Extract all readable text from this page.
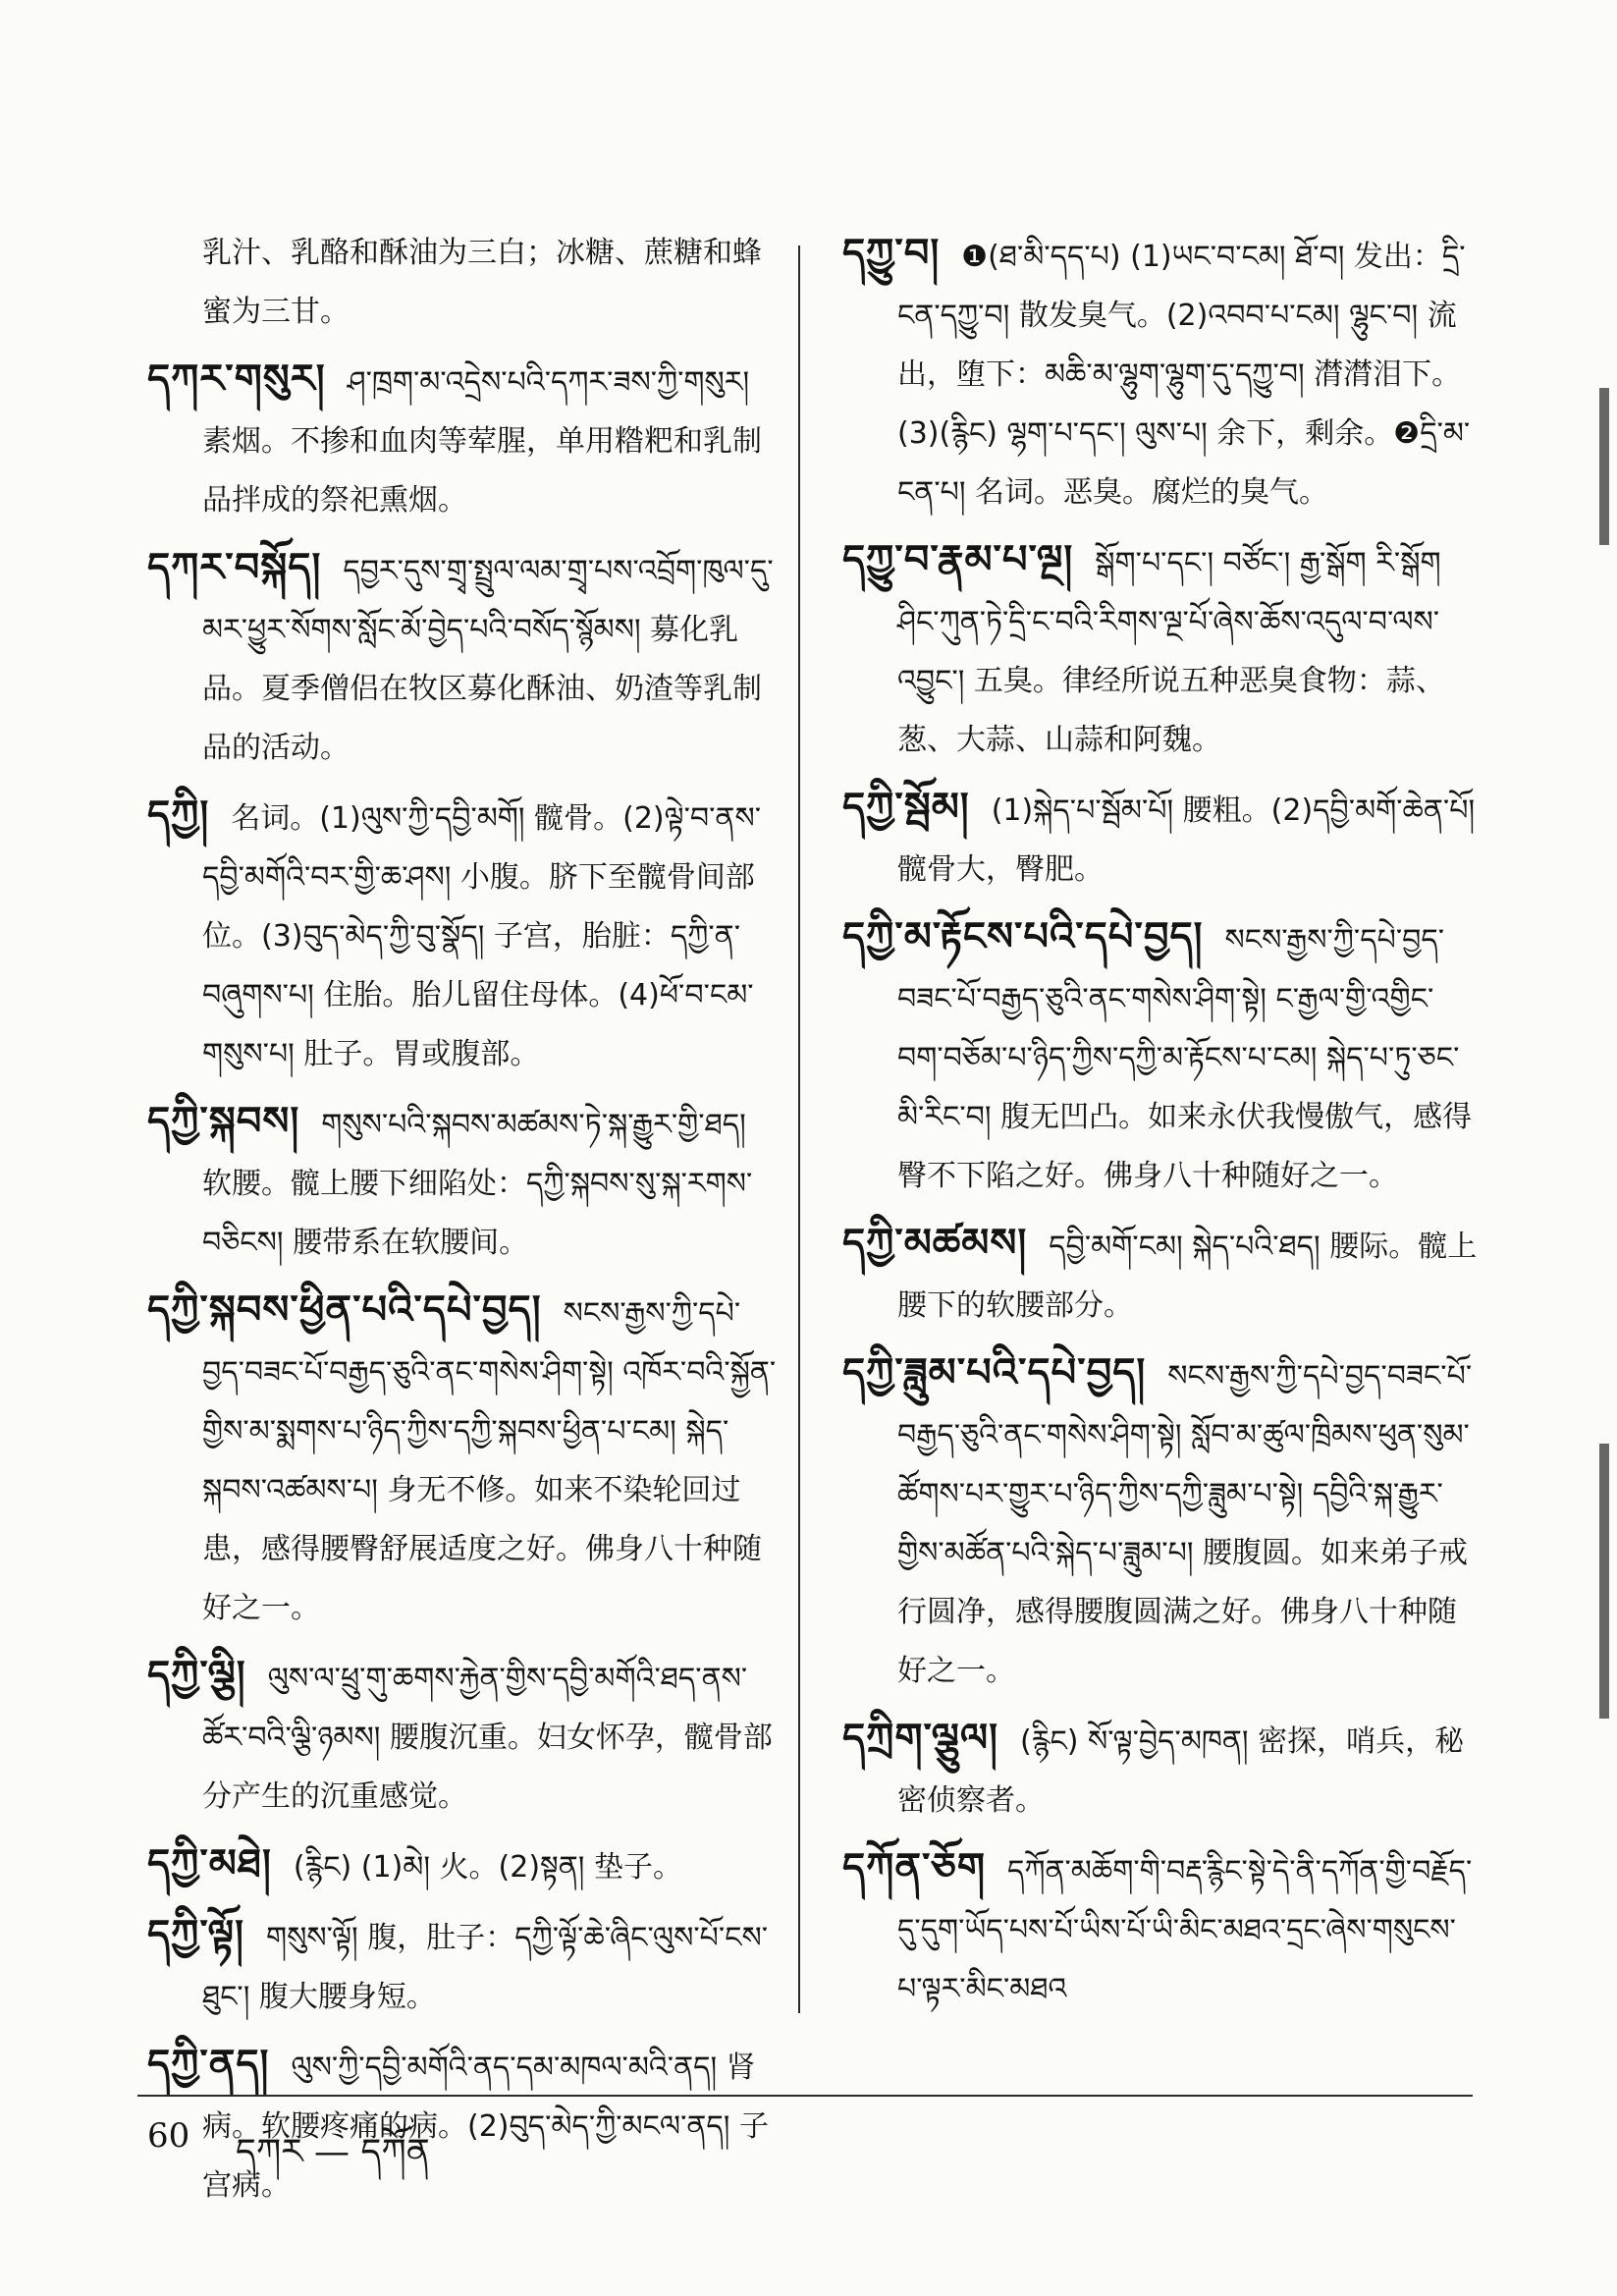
乳汁、乳酪和酥油为三白；冰糖、蔗糖和蜂蜜为三甘。
དཀར་གསུར། ཤ་ཁྲག་མ་འདྲེས་པའི་དཀར་ཟས་ཀྱི་གསུར། 素烟。不掺和血肉等荤腥，单用糌粑和乳制品拌成的祭祀熏烟。
དཀར་བསྐོད། དབྱར་དུས་གྲྭ་སྤྲུལ་ལམ་གྲྭ་པས་འབྲོག་ཁུལ་དུ་མར་ཕྱུར་སོགས་སློང་མོ་བྱེད་པའི་བསོད་སྙོམས། 募化乳品。夏季僧侣在牧区募化酥油、奶渣等乳制品的活动。
དཀྱི། 名词。(1)ལུས་ཀྱི་དབྱི་མགོ། 髋骨。(2)ལྟེ་བ་ནས་དབྱི་མགོའི་བར་གྱི་ཆ་ཤས། 小腹。脐下至髋骨间部位。(3)བུད་མེད་ཀྱི་བུ་སྣོད། 子宫，胎脏：དཀྱི་ན་བཞུགས་པ། 住胎。胎儿留住母体。(4)ཕོ་བ་ངམ་གསུས་པ། 肚子。胃或腹部。
དཀྱི་སྐབས། གསུས་པའི་སྐབས་མཚམས་ཏེ་སྐ་རྒྱུར་གྱི་ཐད། 软腰。髋上腰下细陷处：དཀྱི་སྐབས་སུ་སྐ་རགས་བཅིངས། 腰带系在软腰间。
དཀྱི་སྐབས་ཕྱིན་པའི་དཔེ་བྱད། སངས་རྒྱས་ཀྱི་དཔེ་བྱད་བཟང་པོ་བརྒྱད་ཅུའི་ནང་གསེས་ཤིག་སྟེ། འཁོར་བའི་སྐྱོན་གྱིས་མ་སྨགས་པ་ཉིད་ཀྱིས་དཀྱི་སྐབས་ཕྱིན་པ་ངམ། སྐེད་སྐབས་འཚམས་པ། 身无不修。如来不染轮回过患，感得腰臀舒展适度之好。佛身八十种随好之一。
དཀྱི་ལྕི། ལུས་ལ་ཕྲུ་གུ་ཆགས་རྐྱེན་གྱིས་དབྱི་མགོའི་ཐད་ནས་ཚོར་བའི་ལྕི་ཉམས། 腰腹沉重。妇女怀孕，髋骨部分产生的沉重感觉。
དཀྱི་མཐེ། (རྙིང) (1)མེ། 火。(2)སྟན། 垫子。
དཀྱི་ལྟོ། གསུས་ལྟོ། 腹，肚子：དཀྱི་ལྟོ་ཆེ་ཞིང་ལུས་པོ་ངས་ཐུང་། 腹大腰身短。
དཀྱི་ནད། ལུས་ཀྱི་དབྱི་མགོའི་ནད་དམ་མཁལ་མའི་ནད། 肾病。软腰疼痛的病。(2)བུད་མེད་ཀྱི་མངལ་ནད། 子宫病。
དཀྱུ་བ། ❶(ཐ་མི་དད་པ) (1)ཡང་བ་ངམ། ཐོ་བ། 发出：དྲི་ངན་དཀྱུ་བ། 散发臭气。(2)འབབ་པ་ངམ། ལྷུང་བ། 流出，堕下：མཆི་མ་ལྷུག་ལྷུག་དུ་དཀྱུ་བ། 潸潸泪下。(3)(རྙིང) ལྷག་པ་དང་། ལུས་པ། 余下，剩余。❷དྲི་མ་ངན་པ། 名词。恶臭。腐烂的臭气。
དཀྱུ་བ་རྣམ་པ་ལྔ། སྒོག་པ་དང་། བཙོང་། རྒྱ་སྒོག རི་སྒོག ཤིང་ཀུན་ཏེ་དྲི་ང་བའི་རིགས་ལྔ་པོ་ཞེས་ཆོས་འདུལ་བ་ལས་འབྱུང་། 五臭。律经所说五种恶臭食物：蒜、葱、大蒜、山蒜和阿魏。
དཀྱི་སྦོམ། (1)སྐེད་པ་སྦོམ་པོ། 腰粗。(2)དབྱི་མགོ་ཆེན་པོ། 髋骨大，臀肥。
དཀྱི་མ་རྟོངས་པའི་དཔེ་བྱད། སངས་རྒྱས་ཀྱི་དཔེ་བྱད་བཟང་པོ་བརྒྱད་ཅུའི་ནང་གསེས་ཤིག་སྟེ། ང་རྒྱལ་གྱི་འགྱིང་བག་བཅོམ་པ་ཉིད་ཀྱིས་དཀྱི་མ་རྟོངས་པ་ངམ། སྐེད་པ་ཏུ་ཅང་མི་རིང་བ། 腹无凹凸。如来永伏我慢傲气，感得臀不下陷之好。佛身八十种随好之一。
དཀྱི་མཚམས། དབྱི་མགོ་ངམ། སྐེད་པའི་ཐད། 腰际。髋上腰下的软腰部分。
དཀྱི་ཟླུམ་པའི་དཔེ་བྱད། སངས་རྒྱས་ཀྱི་དཔེ་བྱད་བཟང་པོ་བརྒྱད་ཅུའི་ནང་གསེས་ཤིག་སྟེ། སློབ་མ་ཚུལ་ཁྲིམས་ཕུན་སུམ་ཚོགས་པར་གྱུར་པ་ཉིད་ཀྱིས་དཀྱི་ཟླུམ་པ་སྟེ། དབྱིའི་སྐ་རྒྱུར་གྱིས་མཚོན་པའི་སྐེད་པ་ཟླུམ་པ། 腰腹圆。如来弟子戒行圆净，感得腰腹圆满之好。佛身八十种随好之一。
དཀྲིག་ལྕུལ། (རྙིང) སོ་ལྟ་བྱེད་མཁན། 密探，哨兵，秘密侦察者。
དཀོན་ཅོག དཀོན་མཆོག་གི་བརྡ་རྙིང་སྟེ་དེ་ནི་དཀོན་གྱི་བརྗོད་དུ་དུག་ཡོད་པས་པོ་ཡིས་པོ་ཡི་མིང་མཐའ་དྲང་ཞེས་གསུངས་པ་ལྟར་མིང་མཐའ
60 དཀར — དཀོན
